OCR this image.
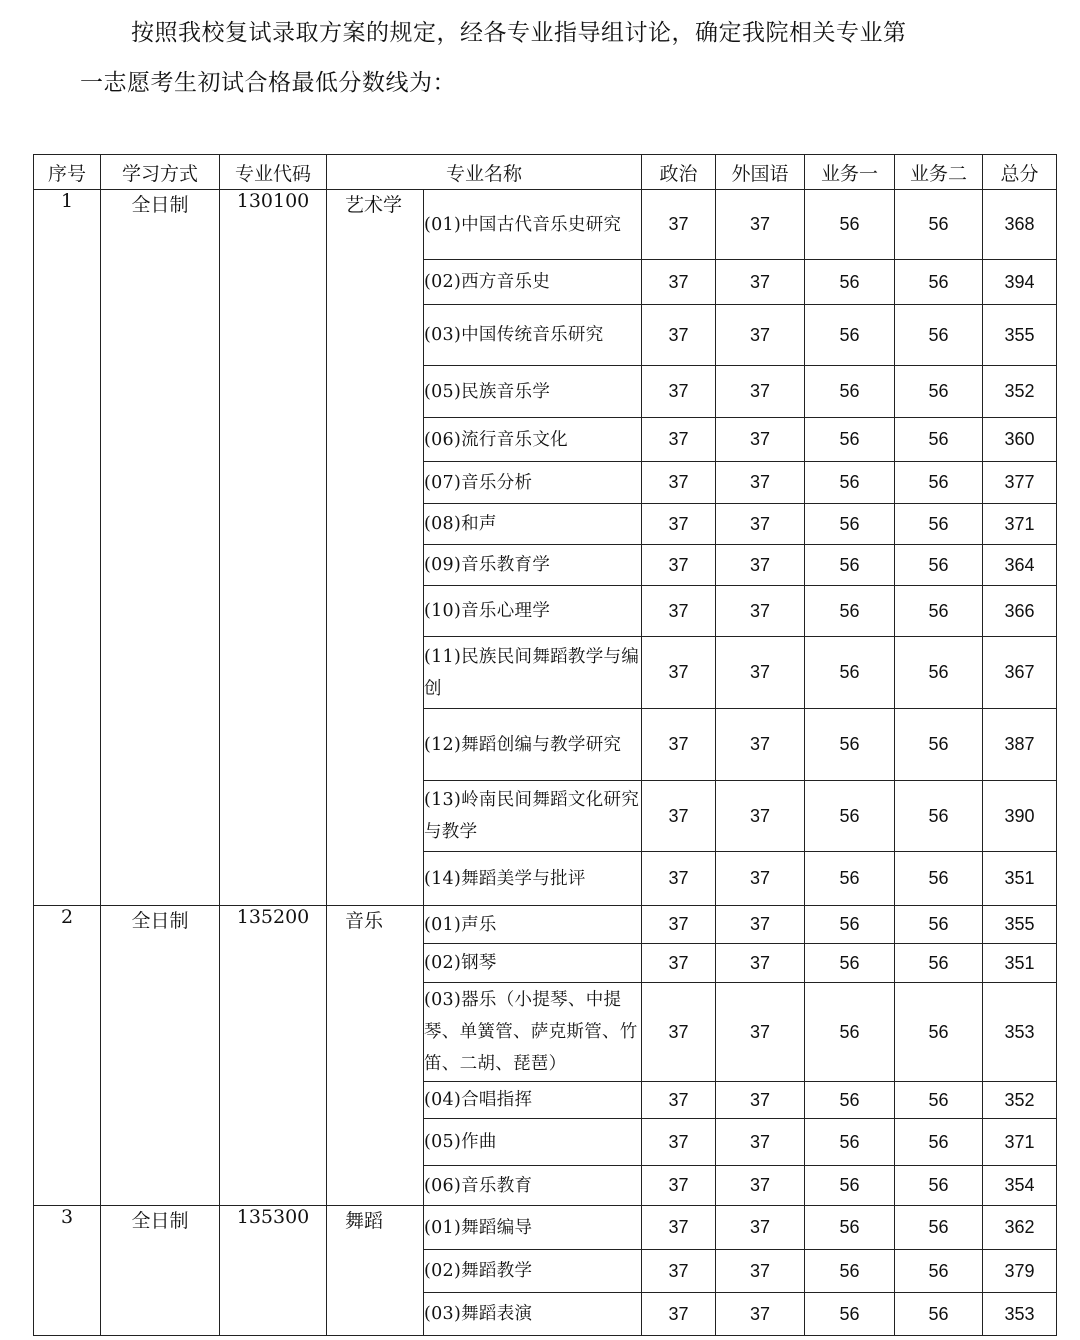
按照我校复试录取方案的规定，经各专业指导组讨论，确定我院相关专业第
一志愿考生初试合格最低分数线为：
序号	学习方式	专业代码	专业名称		政治	外国语	业务一	业务二	总分
1	全日制	130100	艺术学	(01)中国古代音乐史研究	37	37	56	56	368
				(02)西方音乐史	37	37	56	56	394
				(03)中国传统音乐研究	37	37	56	56	355
				(05)民族音乐学	37	37	56	56	352
				(06)流行音乐文化	37	37	56	56	360
				(07)音乐分析	37	37	56	56	377
				(08)和声	37	37	56	56	371
				(09)音乐教育学	37	37	56	56	364
				(10)音乐心理学	37	37	56	56	366
				(11)民族民间舞蹈教学与编创	37	37	56	56	367
				(12)舞蹈创编与教学研究	37	37	56	56	387
				(13)岭南民间舞蹈文化研究与教学	37	37	56	56	390
				(14)舞蹈美学与批评	37	37	56	56	351
2	全日制	135200	音乐	(01)声乐	37	37	56	56	355
				(02)钢琴	37	37	56	56	351
				(03)器乐（小提琴、中提琴、单簧管、萨克斯管、竹笛、二胡、琵琶）	37	37	56	56	353
				(04)合唱指挥	37	37	56	56	352
				(05)作曲	37	37	56	56	371
				(06)音乐教育	37	37	56	56	354
3	全日制	135300	舞蹈	(01)舞蹈编导	37	37	56	56	362
				(02)舞蹈教学	37	37	56	56	379
				(03)舞蹈表演	37	37	56	56	353
